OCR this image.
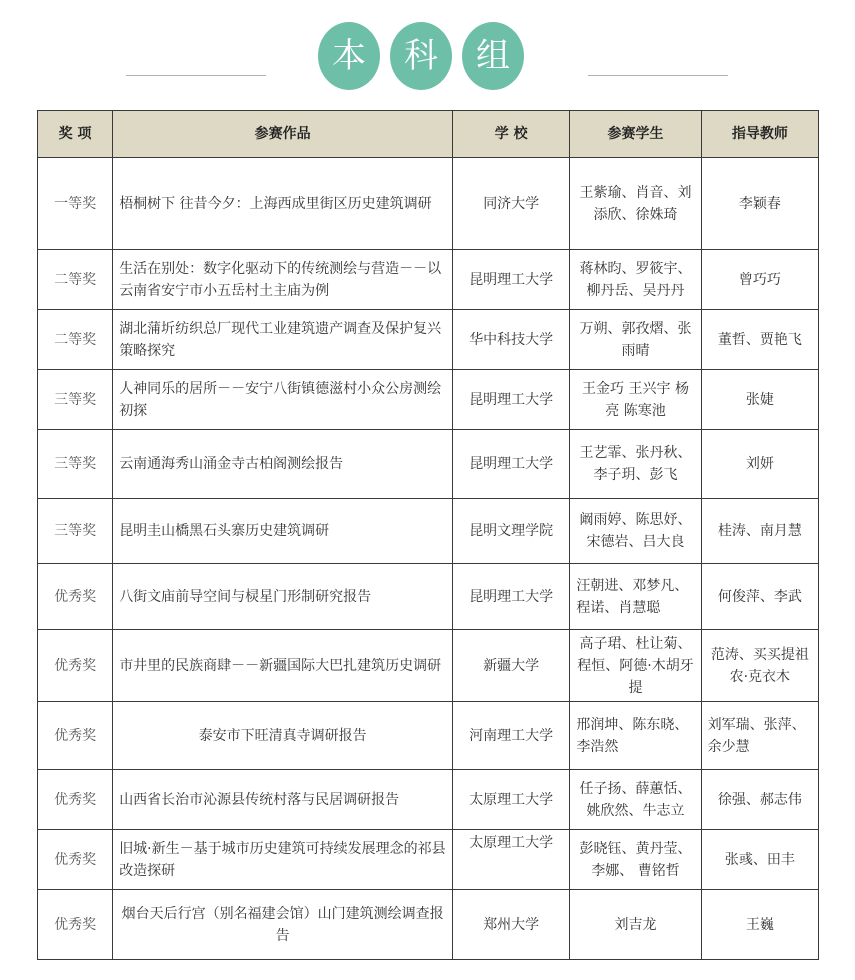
本	科	组
奖 项	参赛作品	学 校	参赛学生	指导教师
一等奖	梧桐树下 往昔今夕：上海西成里街区历史建筑调研	同济大学	王紫瑜、肖音、刘添欣、徐姝琦	李颖春
二等奖	生活在别处：数字化驱动下的传统测绘与营造－－以云南省安宁市小五岳村土主庙为例	昆明理工大学	蒋林昀、罗筱宇、柳丹岳、吴丹丹	曾巧巧
二等奖	湖北蒲圻纺织总厂现代工业建筑遗产调查及保护复兴策略探究	华中科技大学	万朔、郭孜熠、张雨晴	董哲、贾艳飞
三等奖	人神同乐的居所－－安宁八街镇德滋村小众公房测绘初探	昆明理工大学	王金巧 王兴宇 杨亮 陈寒池	张婕
三等奖	云南通海秀山涌金寺古柏阁测绘报告	昆明理工大学	王艺霏、张丹秋、李子玥、彭飞	刘妍
三等奖	昆明圭山橋黑石头寨历史建筑调研	昆明文理学院	阚雨婷、陈思妤、宋德岩、吕大良	桂涛、南月慧
优秀奖	八街文庙前导空间与棂星门形制研究报告	昆明理工大学	汪朝进、邓梦凡、程诺、肖慧聪	何俊萍、李武
优秀奖	市井里的民族商肆－－新疆国际大巴扎建筑历史调研	新疆大学	高子珺、杜让菊、程恒、阿德·木胡牙提	范涛、买买提祖农·克衣木
优秀奖	泰安市下旺清真寺调研报告	河南理工大学	邢润坤、陈东晓、李浩然	刘军瑞、张萍、余少慧
优秀奖	山西省长治市沁源县传统村落与民居调研报告	太原理工大学	任子扬、薛蕙恬、姚欣然、牛志立	徐强、郝志伟
优秀奖	旧城·新生－基于城市历史建筑可持续发展理念的祁县改造探研	太原理工大学	彭晓钰、黄丹莹、李娜、 曹铭哲	张彧、田丰
优秀奖	烟台天后行宫（别名福建会馆）山门建筑测绘调查报告	郑州大学	刘吉龙	王巍
